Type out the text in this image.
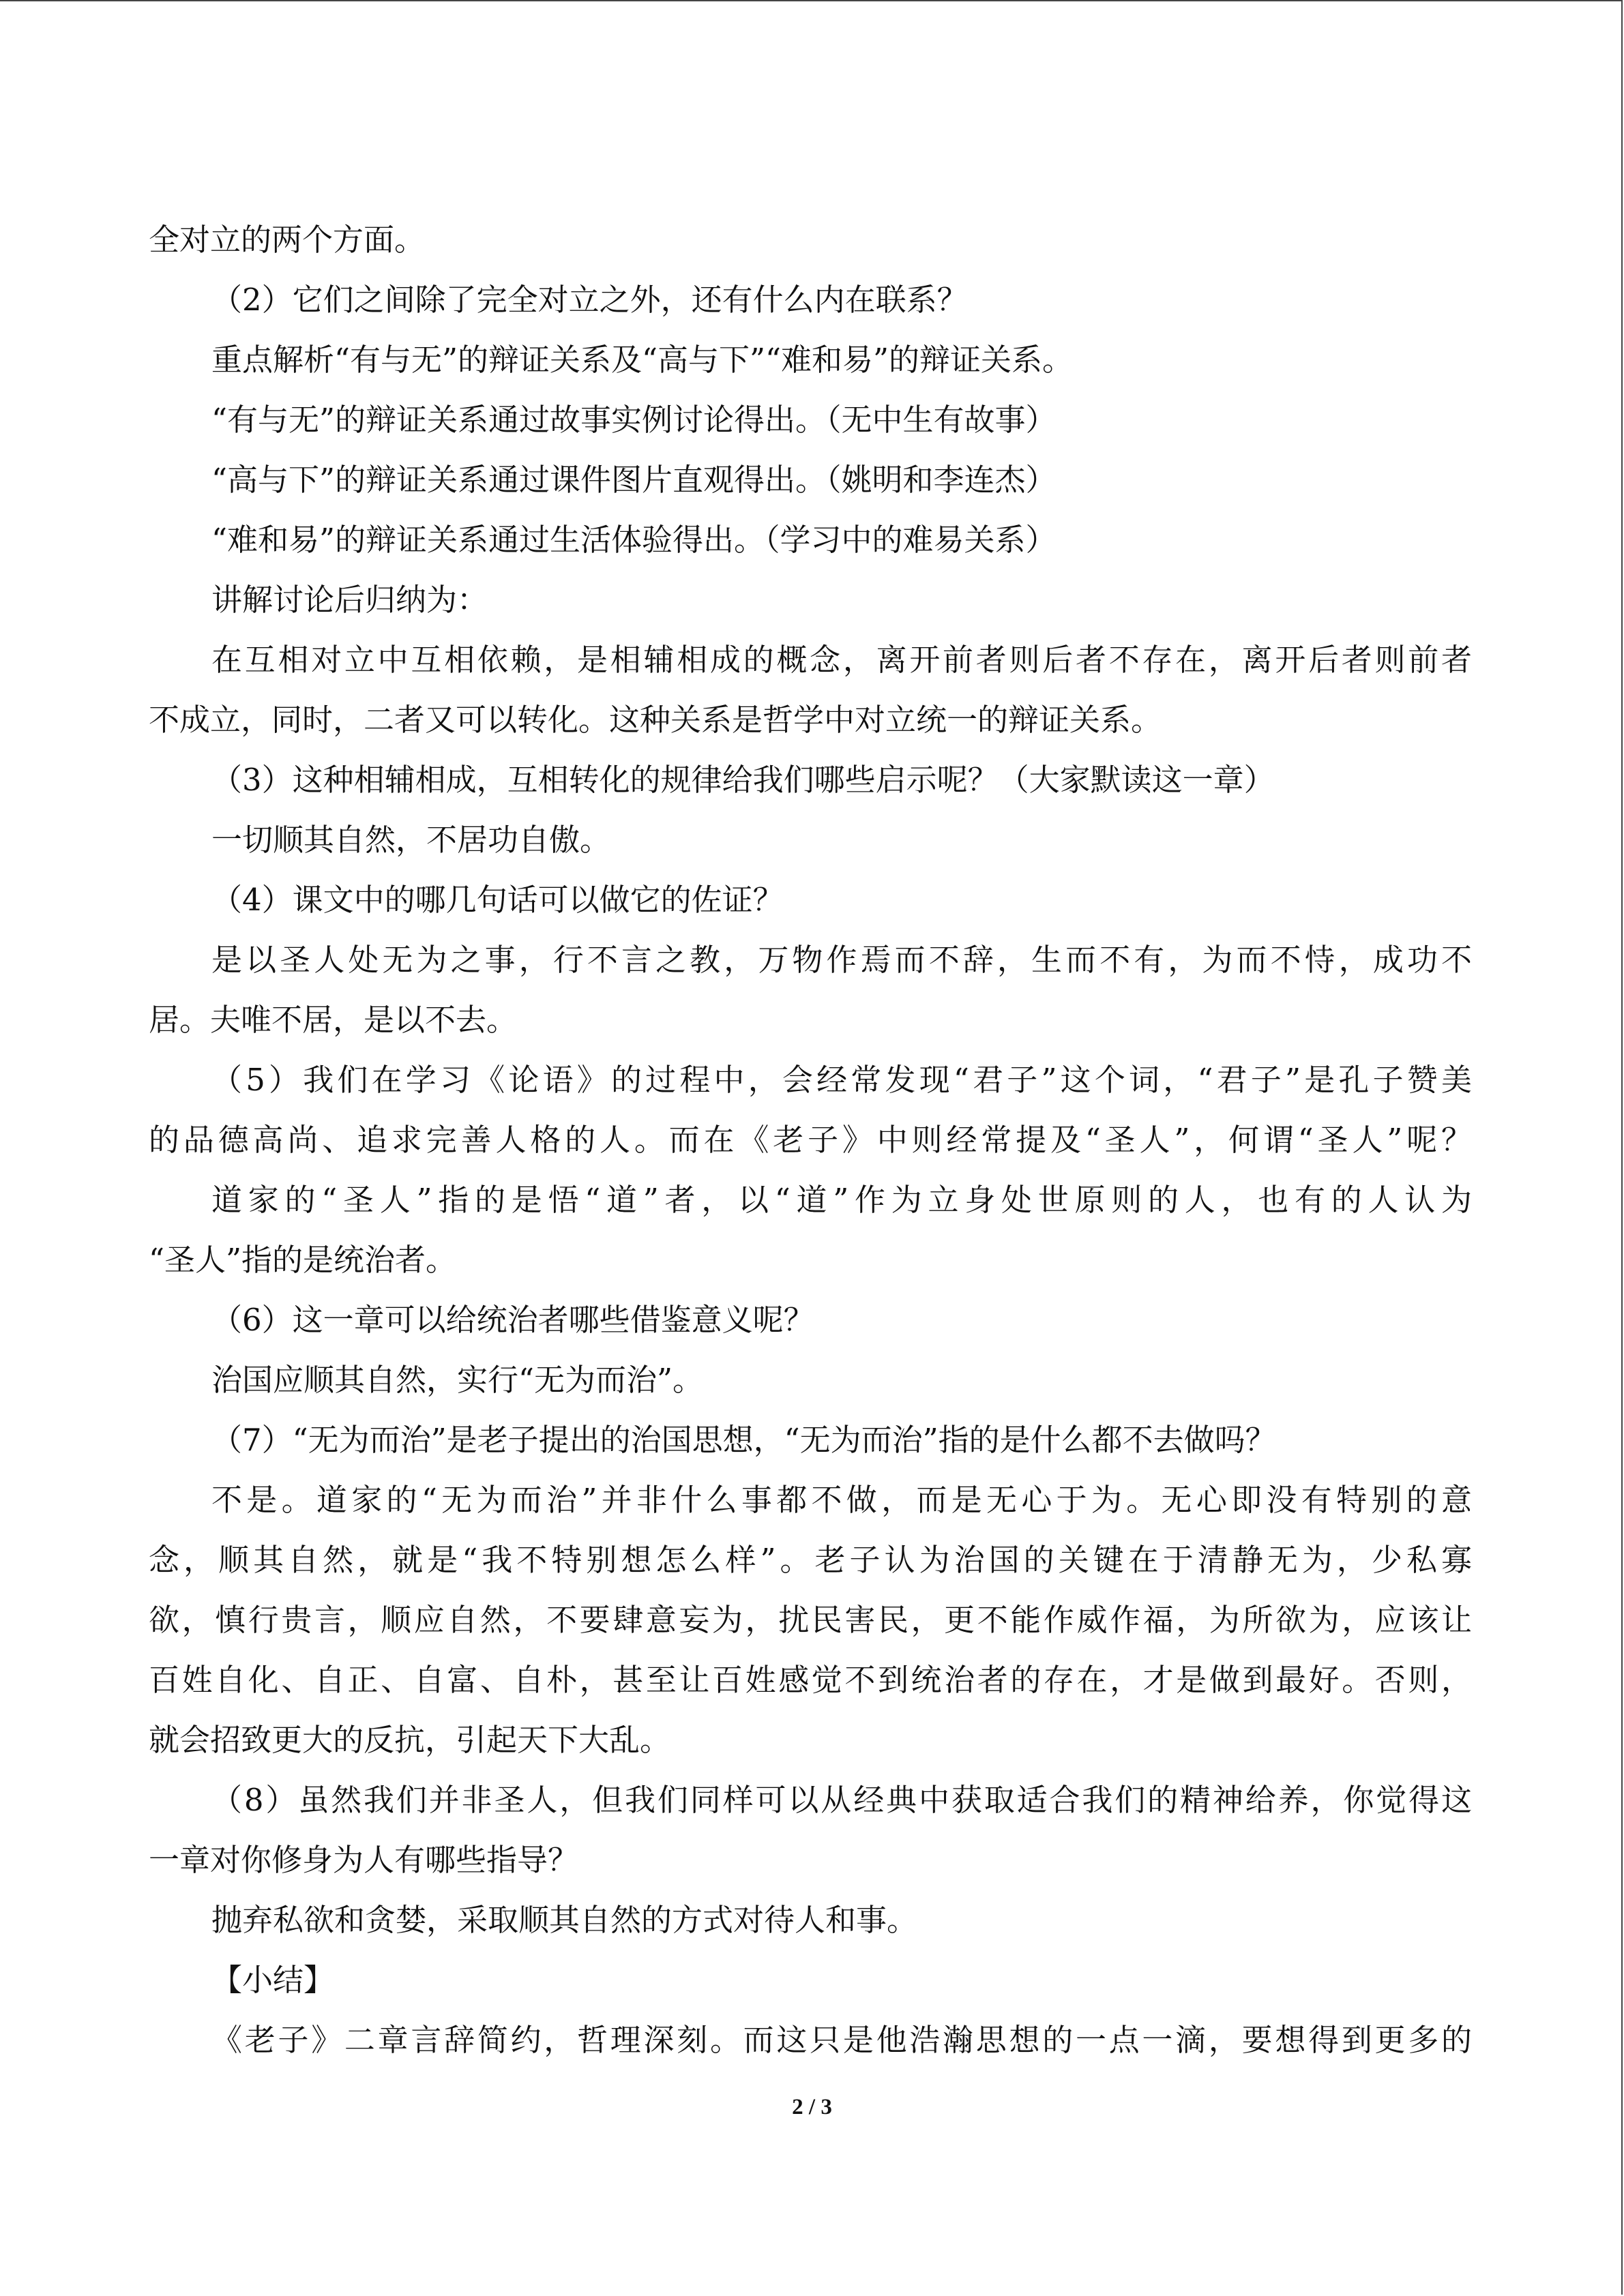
全对立的两个方面。
（2）它们之间除了完全对立之外，还有什么内在联系？
重点解析“有与无”的辩证关系及“高与下”“难和易”的辩证关系。
“有与无”的辩证关系通过故事实例讨论得出。（无中生有故事）
“高与下”的辩证关系通过课件图片直观得出。（姚明和李连杰）
“难和易”的辩证关系通过生活体验得出。（学习中的难易关系）
讲解讨论后归纳为：
在互相对立中互相依赖，是相辅相成的概念，离开前者则后者不存在，离开后者则前者
不成立，同时，二者又可以转化。这种关系是哲学中对立统一的辩证关系。
（3）这种相辅相成，互相转化的规律给我们哪些启示呢？（大家默读这一章）
一切顺其自然，不居功自傲。
（4）课文中的哪几句话可以做它的佐证？
是以圣人处无为之事，行不言之教，万物作焉而不辞，生而不有，为而不恃，成功不
居。夫唯不居，是以不去。
（5）我们在学习《论语》的过程中，会经常发现“君子”这个词，“君子”是孔子赞美
的品德高尚、追求完善人格的人。而在《老子》中则经常提及“圣人”，何谓“圣人”呢？
道家的“圣人”指的是悟“道”者，以“道”作为立身处世原则的人，也有的人认为
“圣人”指的是统治者。
（6）这一章可以给统治者哪些借鉴意义呢？
治国应顺其自然，实行“无为而治”。
（7）“无为而治”是老子提出的治国思想，“无为而治”指的是什么都不去做吗？
不是。道家的“无为而治”并非什么事都不做，而是无心于为。无心即没有特别的意
念，顺其自然，就是“我不特别想怎么样”。老子认为治国的关键在于清静无为，少私寡
欲，慎行贵言，顺应自然，不要肆意妄为，扰民害民，更不能作威作福，为所欲为，应该让
百姓自化、自正、自富、自朴，甚至让百姓感觉不到统治者的存在，才是做到最好。否则，
就会招致更大的反抗，引起天下大乱。
（8）虽然我们并非圣人，但我们同样可以从经典中获取适合我们的精神给养，你觉得这
一章对你修身为人有哪些指导？
抛弃私欲和贪婪，采取顺其自然的方式对待人和事。
【小结】
《老子》二章言辞简约，哲理深刻。而这只是他浩瀚思想的一点一滴，要想得到更多的
2 / 3
